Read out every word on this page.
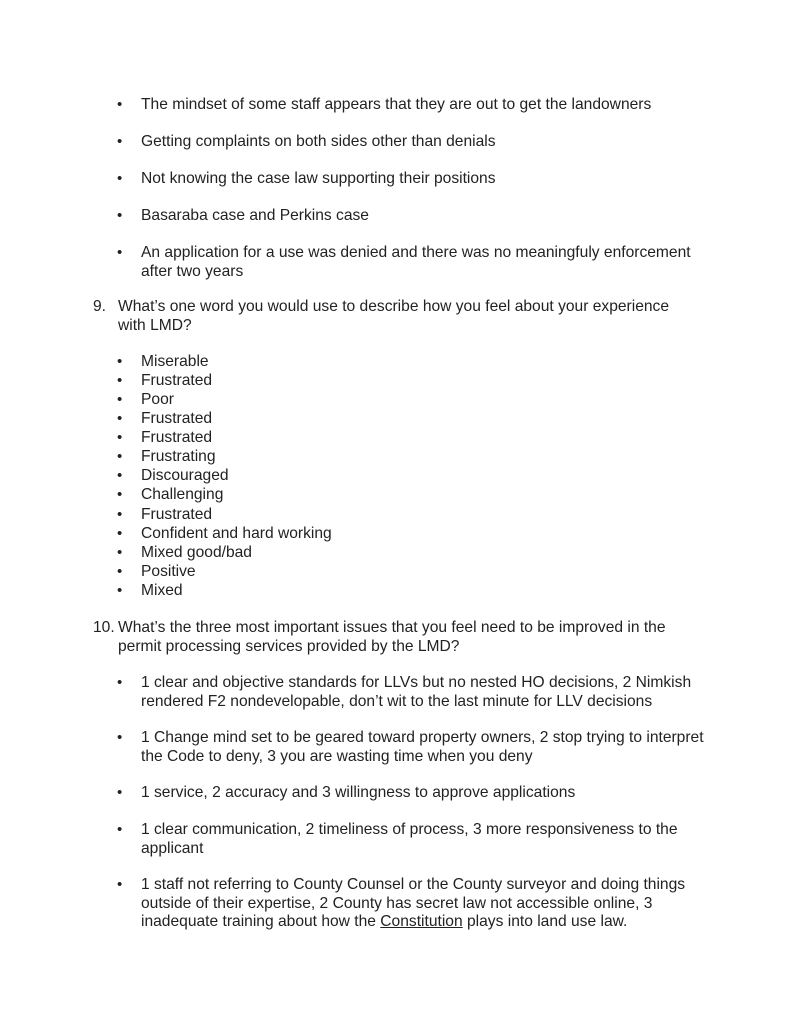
• The mindset of some staff appears that they are out to get the landowners
• Getting complaints on both sides other than denials
• Not knowing the case law supporting their positions
• Basaraba case and Perkins case
• An application for a use was denied and there was no meaningfuly enforcement after two years
9. What’s one word you would use to describe how you feel about your experience with LMD?
• Miserable
• Frustrated
• Poor
• Frustrated
• Frustrated
• Frustrating
• Discouraged
• Challenging
• Frustrated
• Confident and hard working
• Mixed good/bad
• Positive
• Mixed
10. What’s the three most important issues that you feel need to be improved in the permit processing services provided by the LMD?
• 1 clear and objective standards for LLVs but no nested HO decisions, 2 Nimkish rendered F2 nondevelopable, don’t wit to the last minute for LLV decisions
• 1 Change mind set to be geared toward property owners, 2 stop trying to interpret the Code to deny, 3 you are wasting time when you deny
• 1 service, 2 accuracy and 3 willingness to approve applications
• 1 clear communication, 2 timeliness of process, 3 more responsiveness to the applicant
• 1 staff not referring to County Counsel or the County surveyor and doing things outside of their expertise, 2 County has secret law not accessible online, 3 inadequate training about how the Constitution plays into land use law.
